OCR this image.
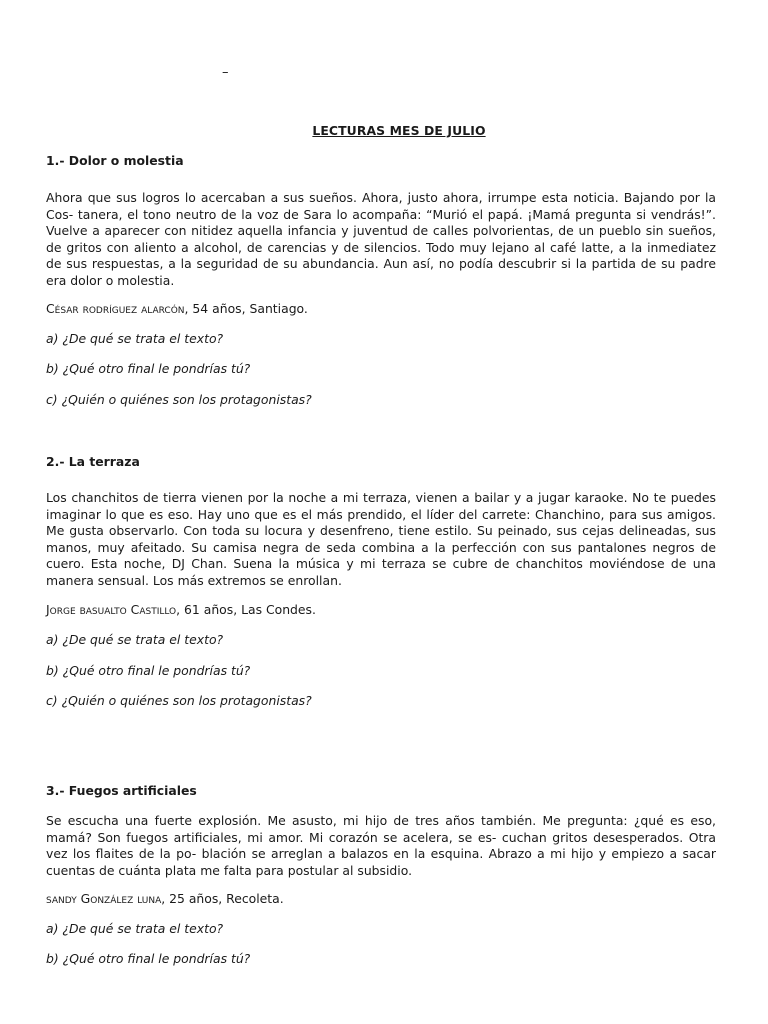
–
LECTURAS MES DE JULIO
1.- Dolor o molestia

Ahora que sus logros lo acercaban a sus sueños. Ahora, justo ahora, irrumpe esta noticia. Bajando por la Cos- tanera, el tono neutro de la voz de Sara lo acompaña: “Murió el papá. ¡Mamá pregunta si vendrás!”. Vuelve a aparecer con nitidez aquella infancia y juventud de calles polvorientas, de un pueblo sin sueños, de gritos con aliento a alcohol, de carencias y de silencios. Todo muy lejano al café latte, a la inmediatez de sus respuestas, a la seguridad de su abundancia. Aun así, no podía descubrir si la partida de su padre era dolor o molestia.

César rodríguez alarcón, 54 años, Santiago.
a) ¿De qué se trata el texto?
b) ¿Qué otro final le pondrías tú?
c) ¿Quién o quiénes son los protagonistas?
2.- La terraza

Los chanchitos de tierra vienen por la noche a mi terraza, vienen a bailar y a jugar karaoke. No te puedes imaginar lo que es eso. Hay uno que es el más prendido, el líder del carrete: Chanchino, para sus amigos. Me gusta observarlo. Con toda su locura y desenfreno, tiene estilo. Su peinado, sus cejas delineadas, sus manos, muy afeitado. Su camisa negra de seda combina a la perfección con sus pantalones negros de cuero. Esta noche, DJ Chan. Suena la música y mi terraza se cubre de chanchitos moviéndose de una manera sensual. Los más extremos se enrollan.

Jorge basualto Castillo, 61 años, Las Condes.
a) ¿De qué se trata el texto?
b) ¿Qué otro final le pondrías tú?
c) ¿Quién o quiénes son los protagonistas?
3.- Fuegos artificiales

Se escucha una fuerte explosión. Me asusto, mi hijo de tres años también. Me pregunta: ¿qué es eso, mamá? Son fuegos artificiales, mi amor. Mi corazón se acelera, se es- cuchan gritos desesperados. Otra vez los flaites de la po- blación se arreglan a balazos en la esquina. Abrazo a mi hijo y empiezo a sacar cuentas de cuánta plata me falta para postular al subsidio.

sandy González luna, 25 años, Recoleta.
a) ¿De qué se trata el texto?
b) ¿Qué otro final le pondrías tú?
